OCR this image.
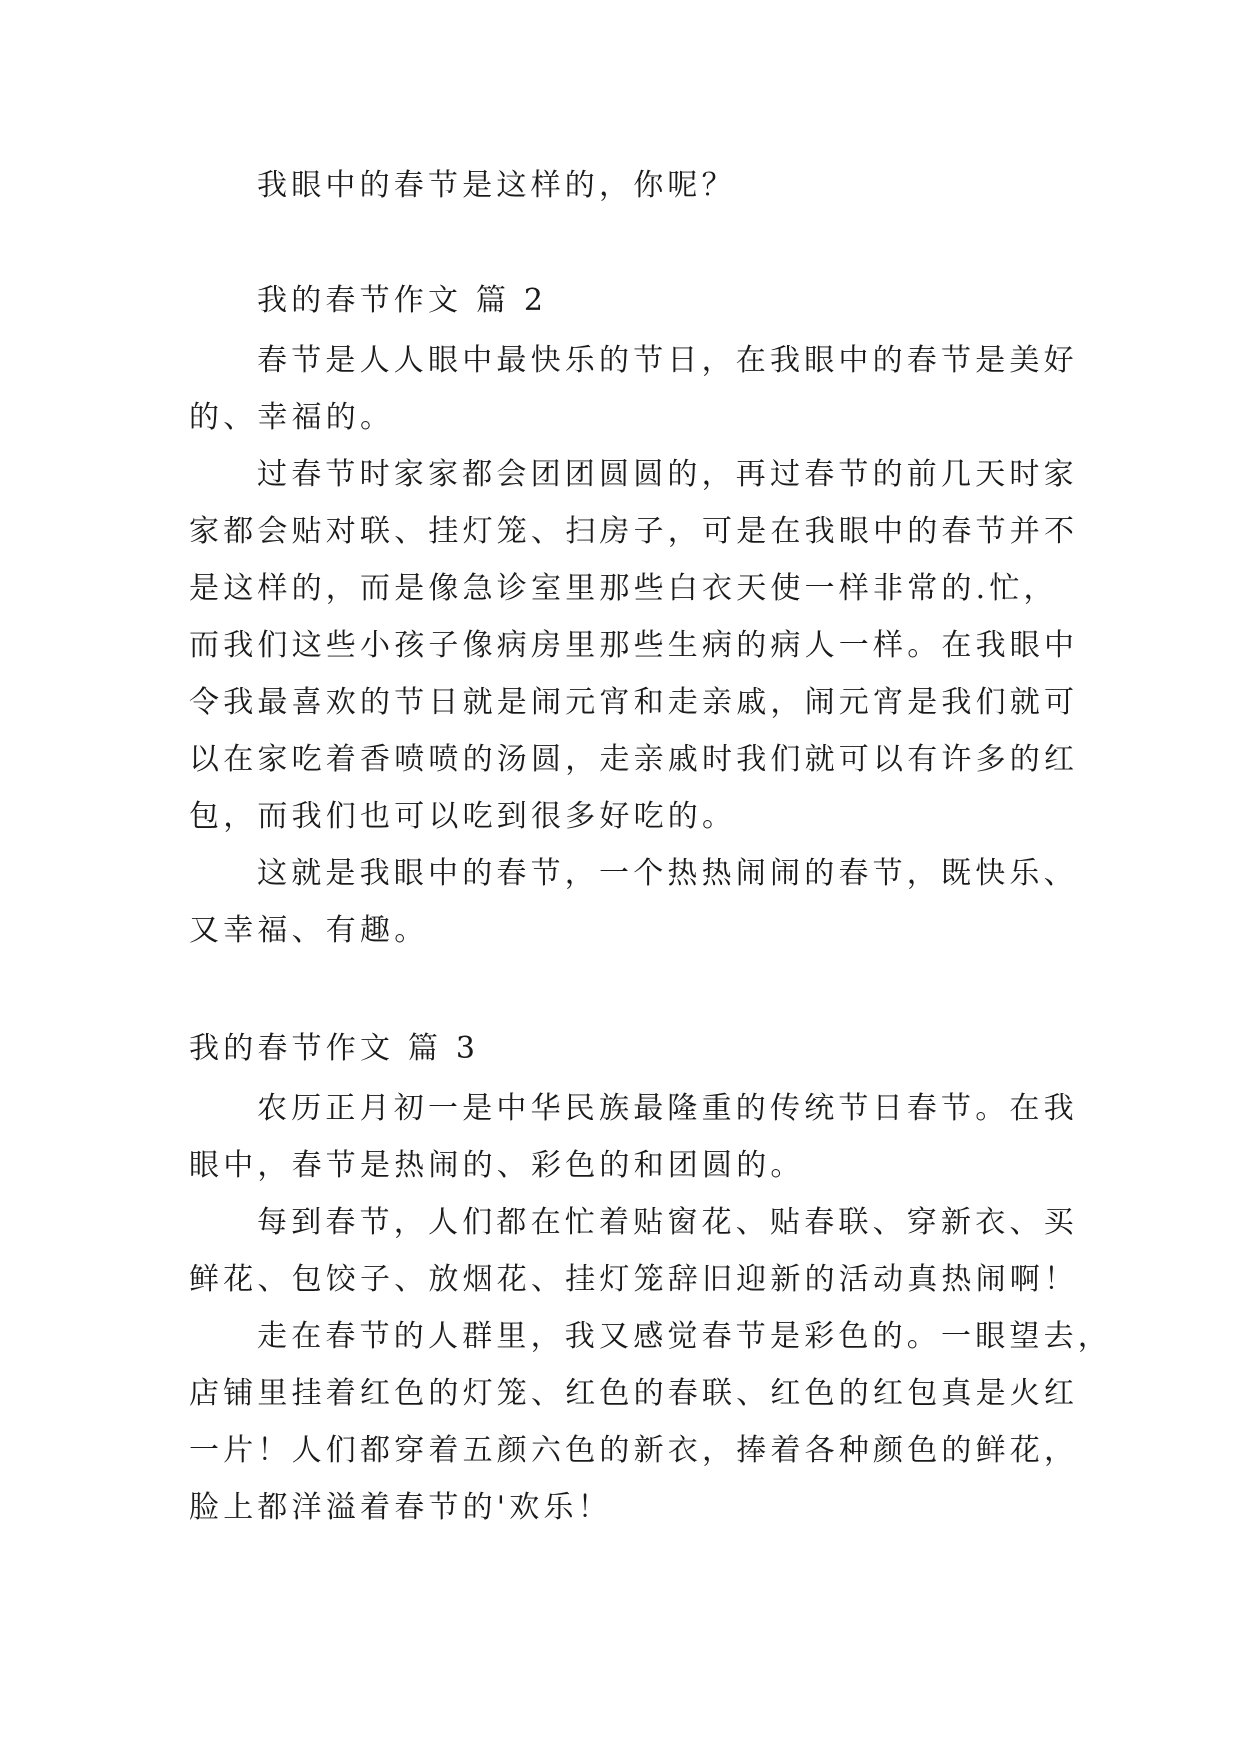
我眼中的春节是这样的，你呢？

我的春节作文 篇 2

春节是人人眼中最快乐的节日，在我眼中的春节是美好

的、幸福的。

过春节时家家都会团团圆圆的，再过春节的前几天时家

家都会贴对联、挂灯笼、扫房子，可是在我眼中的春节并不

是这样的，而是像急诊室里那些白衣天使一样非常的.忙，

而我们这些小孩子像病房里那些生病的病人一样。在我眼中

令我最喜欢的节日就是闹元宵和走亲戚，闹元宵是我们就可

以在家吃着香喷喷的汤圆，走亲戚时我们就可以有许多的红

包，而我们也可以吃到很多好吃的。

这就是我眼中的春节，一个热热闹闹的春节，既快乐、

又幸福、有趣。

我的春节作文 篇 3

农历正月初一是中华民族最隆重的传统节日春节。在我

眼中，春节是热闹的、彩色的和团圆的。

每到春节，人们都在忙着贴窗花、贴春联、穿新衣、买

鲜花、包饺子、放烟花、挂灯笼辞旧迎新的活动真热闹啊！

走在春节的人群里，我又感觉春节是彩色的。一眼望去，

店铺里挂着红色的灯笼、红色的春联、红色的红包真是火红

一片！人们都穿着五颜六色的新衣，捧着各种颜色的鲜花，

脸上都洋溢着春节的'欢乐！
